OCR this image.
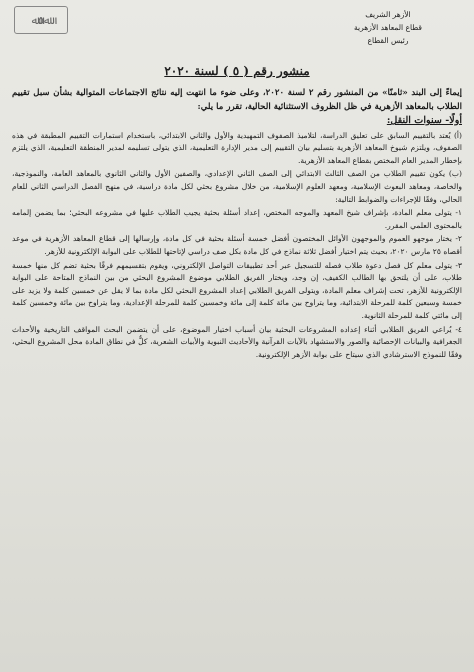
الأزهر الشريف
قطاع المعاهد الأزهرية
رئيس القطاع
ﷲ٥ﷲ
منشور رقم ( ٥ ) لسنة ٢٠٢٠

إيماءً إلى البند «ثامنًا» من المنشور رقم ٢ لسنة ٢٠٢٠، وعلى ضوء ما انتهت إليه نتائج الاجتماعات المتوالية بشأن سبل تقييم الطلاب بالمعاهد الأزهرية في ظل الظروف الاستثنائية الحالية، تقرر ما يلي:

أولًا- سنوات النقل:

(أ) يُعتد بالتقييم السابق على تعليق الدراسة، لتلاميذ الصفوف التمهيدية والأول والثاني الابتدائي، باستخدام استمارات التقييم المطبقة في هذه الصفوف، ويلتزم شيوخ المعاهد الأزهرية بتسليم بيان التقييم إلى مدير الإدارة التعليمية، الذي يتولى تسليمه لمدير المنطقة التعليمية، الذي يلتزم بإخطار المدير العام المختص بقطاع المعاهد الأزهرية.

(ب) يكون تقييم الطلاب من الصف الثالث الابتدائي إلى الصف الثاني الإعدادي، والصفين الأول والثاني الثانوي بالمعاهد العامة، والنموذجية، والخاصة، ومعاهد البعوث الإسلامية، ومعهد العلوم الإسلامية، من خلال مشروع بحثي لكل مادة دراسية، في منهج الفصل الدراسي الثاني للعام الحالي، وفقًا للإجراءات والضوابط التالية:

١- يتولى معلم المادة، بإشراف شيخ المعهد والموجه المختص، إعداد أسئلة بحثية يجيب الطلاب عليها في مشروعه البحثي؛ بما يضمن إلمامه بالمحتوى العلمي المقرر.

٢- يختار موجهو العموم والموجهون الأوائل المختصون أفضل خمسة أسئلة بحثية في كل مادة، وإرسالها إلى قطاع المعاهد الأزهرية في موعد أقصاه ٢٥ مارس ٢٠٢٠، بحيث يتم اختيار أفضل ثلاثة نماذج في كل مادة بكل صف دراسي لإتاحتها للطلاب على البوابة الإلكترونية للأزهر.

٣- يتولى معلم كل فصل دعوة طلاب فصله للتسجيل عبر أحد تطبيقات التواصل الإلكتروني، ويقوم بتقسيمهم فرقًا بحثية تضم كل منها خمسة طلاب، على أن يلتحق بها الطالب الكفيف، إن وجد، ويختار الفريق الطلابي موضوع المشروع البحثي من بين النماذج المتاحة على البوابة الإلكترونية للأزهر، تحت إشراف معلم المادة، ويتولى الفريق الطلابي إعداد المشروع البحثي لكل مادة بما لا يقل عن خمسين كلمة ولا يزيد على خمسة وسبعين كلمة للمرحلة الابتدائية، وما يتراوح بين مائة كلمة إلى مائة وخمسين كلمة للمرحلة الإعدادية، وما يتراوح بين مائة وخمسين كلمة إلى مائتي كلمة للمرحلة الثانوية.

٤- يُراعي الفريق الطلابي أثناء إعداده المشروعات البحثية بيان أسباب اختيار الموضوع، على أن يتضمن البحث المواقف التاريخية والأحداث الجغرافية والبيانات الإحصائية والصور والاستشهاد بالآيات القرآنية والأحاديث النبوية والأبيات الشعرية، كلٌّ في نطاق المادة محل المشروع البحثي، وفقًا للنموذج الاسترشادي الذي سيتاح على بوابة الأزهر الإلكترونية.
